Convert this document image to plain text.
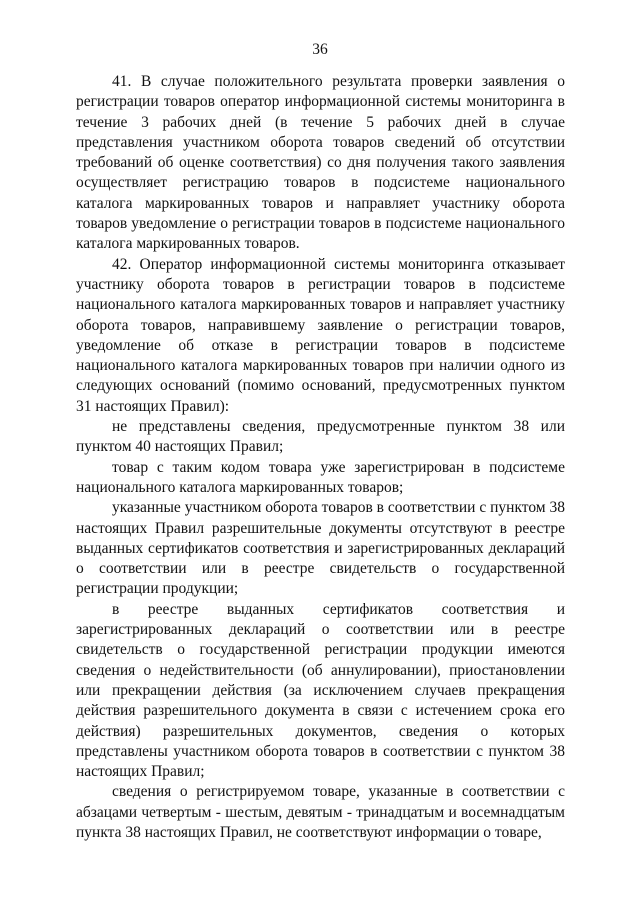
36

41. В случае положительного результата проверки заявления о регистрации товаров оператор информационной системы мониторинга в течение 3 рабочих дней (в течение 5 рабочих дней в случае представления участником оборота товаров сведений об отсутствии требований об оценке соответствия) со дня получения такого заявления осуществляет регистрацию товаров в подсистеме национального каталога маркированных товаров и направляет участнику оборота товаров уведомление о регистрации товаров в подсистеме национального каталога маркированных товаров.

42. Оператор информационной системы мониторинга отказывает участнику оборота товаров в регистрации товаров в подсистеме национального каталога маркированных товаров и направляет участнику оборота товаров, направившему заявление о регистрации товаров, уведомление об отказе в регистрации товаров в подсистеме национального каталога маркированных товаров при наличии одного из следующих оснований (помимо оснований, предусмотренных пунктом 31 настоящих Правил):

не представлены сведения, предусмотренные пунктом 38 или пунктом 40 настоящих Правил;

товар с таким кодом товара уже зарегистрирован в подсистеме национального каталога маркированных товаров;

указанные участником оборота товаров в соответствии с пунктом 38 настоящих Правил разрешительные документы отсутствуют в реестре выданных сертификатов соответствия и зарегистрированных деклараций о соответствии или в реестре свидетельств о государственной регистрации продукции;

в реестре выданных сертификатов соответствия и зарегистрированных деклараций о соответствии или в реестре свидетельств о государственной регистрации продукции имеются сведения о недействительности (об аннулировании), приостановлении или прекращении действия (за исключением случаев прекращения действия разрешительного документа в связи с истечением срока его действия) разрешительных документов, сведения о которых представлены участником оборота товаров в соответствии с пунктом 38 настоящих Правил;

сведения о регистрируемом товаре, указанные в соответствии с абзацами четвертым - шестым, девятым - тринадцатым и восемнадцатым пункта 38 настоящих Правил, не соответствуют информации о товаре,
